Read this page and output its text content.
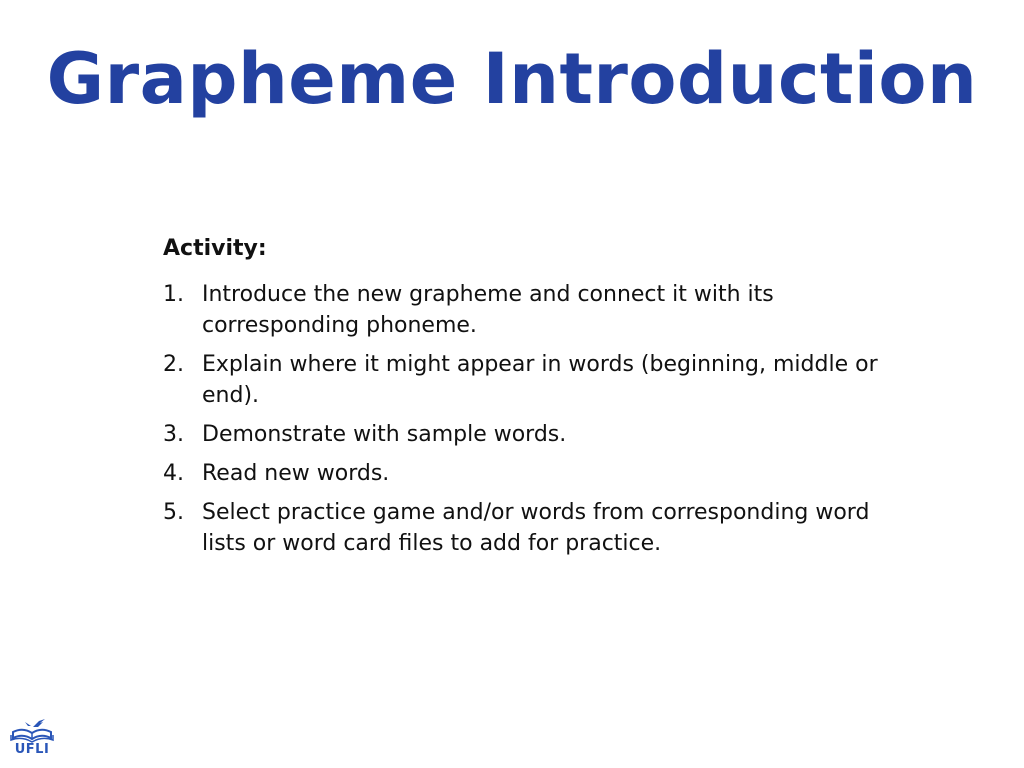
Grapheme Introduction
Activity:
1. Introduce the new grapheme and connect it with its corresponding phoneme.
2. Explain where it might appear in words (beginning, middle or end).
3. Demonstrate with sample words.
4. Read new words.
5. Select practice game and/or words from corresponding word lists or word card files to add for practice.
UFLI
